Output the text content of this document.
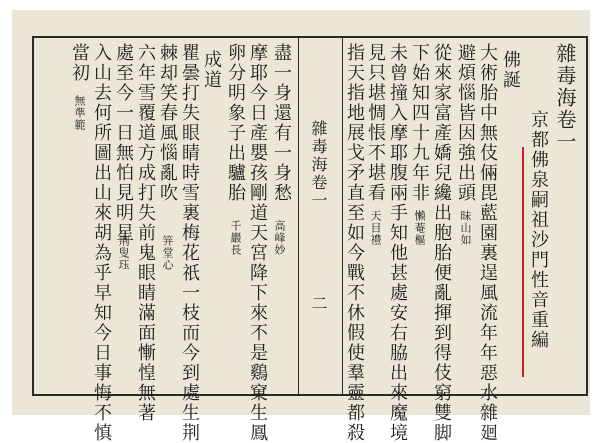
雜毒海卷一
京都佛泉嗣祖沙門性音重編
佛誕
大術胎中無伎倆毘藍園裏逞風流年年惡水雜廻
避煩惱皆因強出頭
昧山如
從來家富產嬌兒纔出胞胎便亂揮到得伎窮雙脚
下始知四十九年非
懶菴樞
未曾撞入摩耶腹兩手知他甚處安右脇出來魔境
見只堪惆悵不堪看
天目禮
指天指地展戈矛直至如今戰不休假使羣靈都殺
雜毒海卷一
二
盡一身還有一身愁
高峰妙
摩耶今日產嬰孩剛道天宮降下來不是鷄窠生鳳
卵分明象子出驢胎
千巖長
成道
瞿曇打失眼睛時雪裏梅花祇一枝而今到處生荆
棘却笑春風惱亂吹
笄堂心
六年雪覆道方成打失前鬼眼睛滿面慚惶無著
處至今一日無怕見明星
荆叟珏
入山去何所圖出山來胡為乎早知今日事悔不慎
當初
無準範
